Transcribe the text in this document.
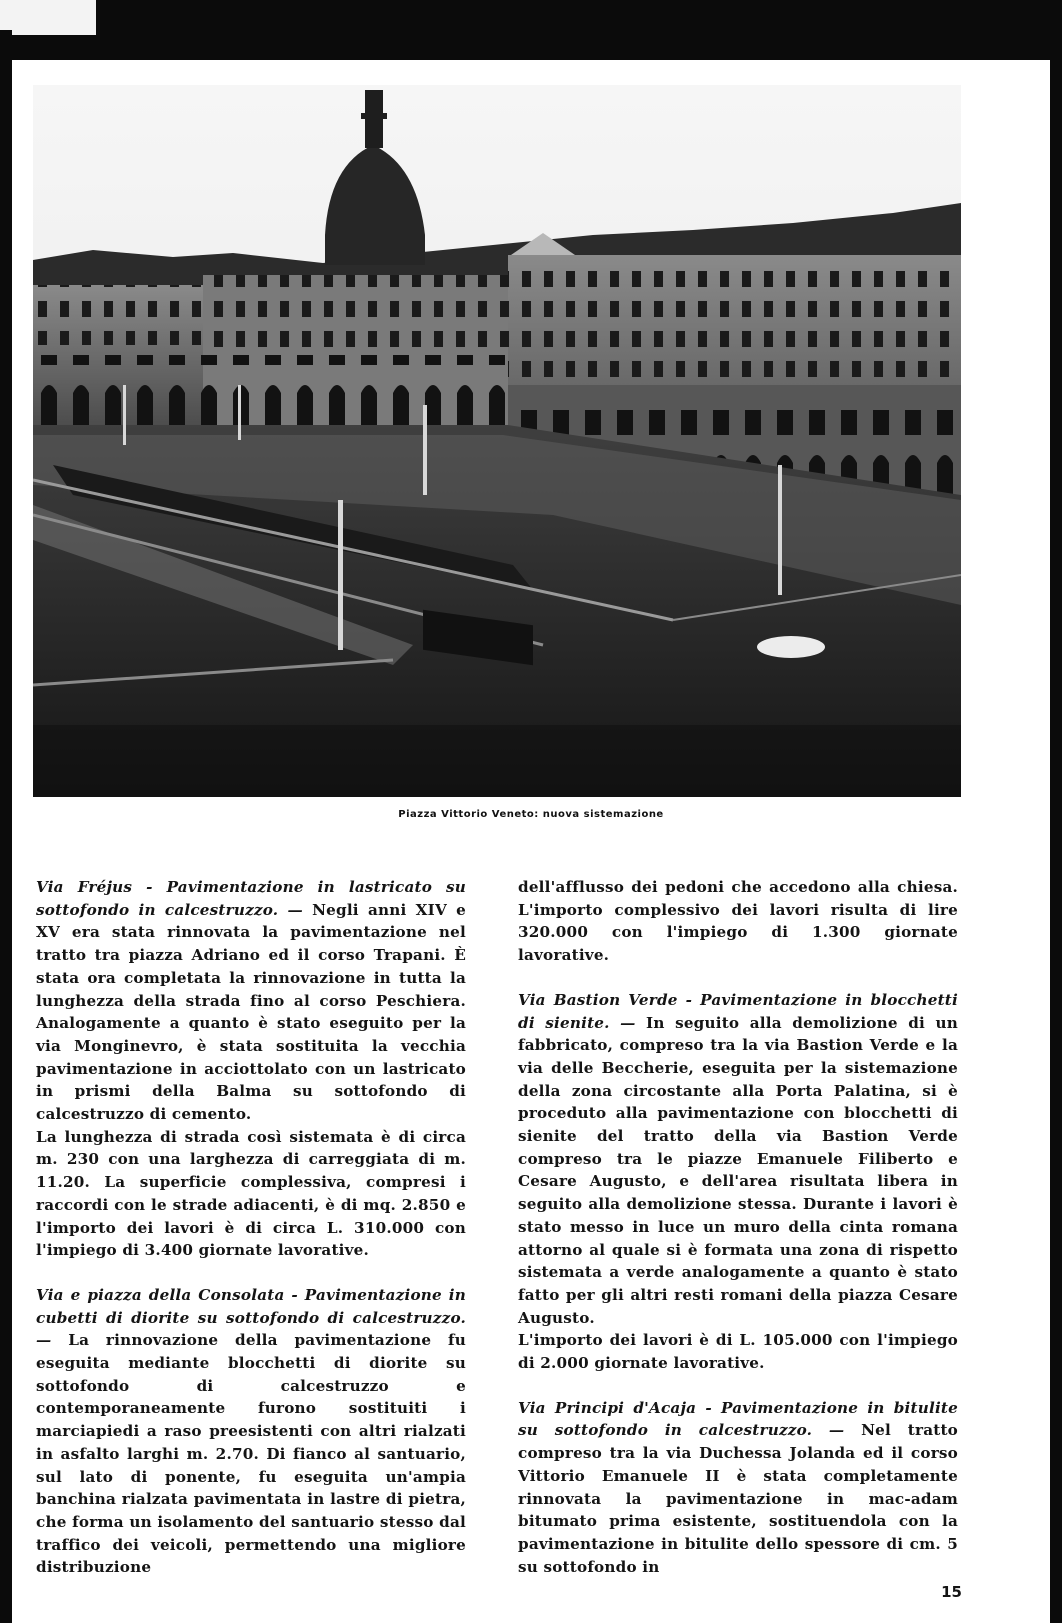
Piazza Vittorio Veneto: nuova sistemazione

Via Fréjus - Pavimentazione in lastricato su sottofondo in calcestruzzo. — Negli anni XIV e XV era stata rinnovata la pavimentazione nel tratto tra piazza Adriano ed il corso Trapani. È stata ora completata la rinnovazione in tutta la lunghezza della strada fino al corso Peschiera. Analogamente a quanto è stato eseguito per la via Monginevro, è stata sostituita la vecchia pavimentazione in acciottolato con un lastricato in prismi della Balma su sottofondo di calcestruzzo di cemento.

La lunghezza di strada così sistemata è di circa m. 230 con una larghezza di carreggiata di m. 11.20. La superficie complessiva, compresi i raccordi con le strade adiacenti, è di mq. 2.850 e l'importo dei lavori è di circa L. 310.000 con l'impiego di 3.400 giornate lavorative.

Via e piazza della Consolata - Pavimentazione in cubetti di diorite su sottofondo di calcestruzzo. — La rinnovazione della pavimentazione fu eseguita mediante blocchetti di diorite su sottofondo di calcestruzzo e contemporaneamente furono sostituiti i marciapiedi a raso preesistenti con altri rialzati in asfalto larghi m. 2.70. Di fianco al santuario, sul lato di ponente, fu eseguita un'ampia banchina rialzata pavimentata in lastre di pietra, che forma un isolamento del santuario stesso dal traffico dei veicoli, permettendo una migliore distribuzione

dell'afflusso dei pedoni che accedono alla chiesa. L'importo complessivo dei lavori risulta di lire 320.000 con l'impiego di 1.300 giornate lavorative.

Via Bastion Verde - Pavimentazione in blocchetti di sienite. — In seguito alla demolizione di un fabbricato, compreso tra la via Bastion Verde e la via delle Beccherie, eseguita per la sistemazione della zona circostante alla Porta Palatina, si è proceduto alla pavimentazione con blocchetti di sienite del tratto della via Bastion Verde compreso tra le piazze Emanuele Filiberto e Cesare Augusto, e dell'area risultata libera in seguito alla demolizione stessa. Durante i lavori è stato messo in luce un muro della cinta romana attorno al quale si è formata una zona di rispetto sistemata a verde analogamente a quanto è stato fatto per gli altri resti romani della piazza Cesare Augusto.

L'importo dei lavori è di L. 105.000 con l'impiego di 2.000 giornate lavorative.

Via Principi d'Acaja - Pavimentazione in bitulite su sottofondo in calcestruzzo. — Nel tratto compreso tra la via Duchessa Jolanda ed il corso Vittorio Emanuele II è stata completamente rinnovata la pavimentazione in mac-adam bitumato prima esistente, sostituendola con la pavimentazione in bitulite dello spessore di cm. 5 su sottofondo in

15
